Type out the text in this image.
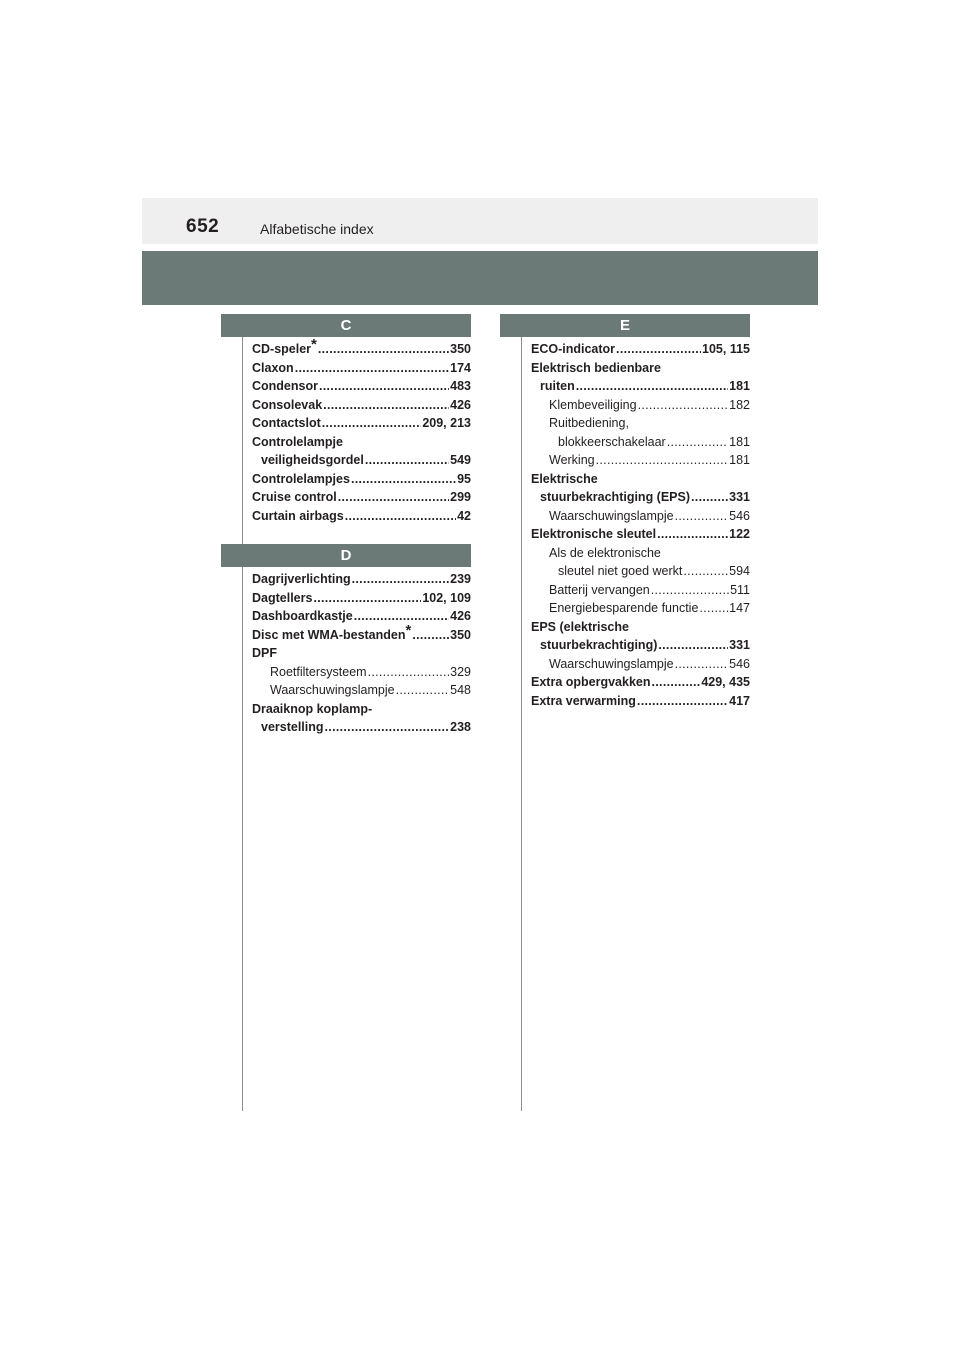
652	Alfabetische index
C
CD-speler* .....	350
Claxon .....	174
Condensor .....	483
Consolevak .....	426
Contactslot .....	209, 213
Controlelampje
veiligheidsgordel .....	549
Controlelampjes .....	95
Cruise control .....	299
Curtain airbags .....	42
D
Dagrijverlichting .....	239
Dagtellers .....	102, 109
Dashboardkastje .....	426
Disc met WMA-bestanden* .....	350
DPF
Roetfiltersysteem .....	329
Waarschuwingslampje .....	548
Draaiknop koplamp-
verstelling .....	238
E
ECO-indicator .....	105, 115
Elektrisch bedienbare
ruiten .....	181
Klembeveiliging .....	182
Ruitbediening,
blokkeerschakelaar .....	181
Werking .....	181
Elektrische
stuurbekrachtiging (EPS) .....	331
Waarschuwingslampje .....	546
Elektronische sleutel .....	122
Als de elektronische
sleutel niet goed werkt .....	594
Batterij vervangen .....	511
Energiebesparende functie ..... 147
EPS (elektrische
stuurbekrachtiging) .....	331
Waarschuwingslampje .....	546
Extra opbergvakken .....	429, 435
Extra verwarming .....	417
